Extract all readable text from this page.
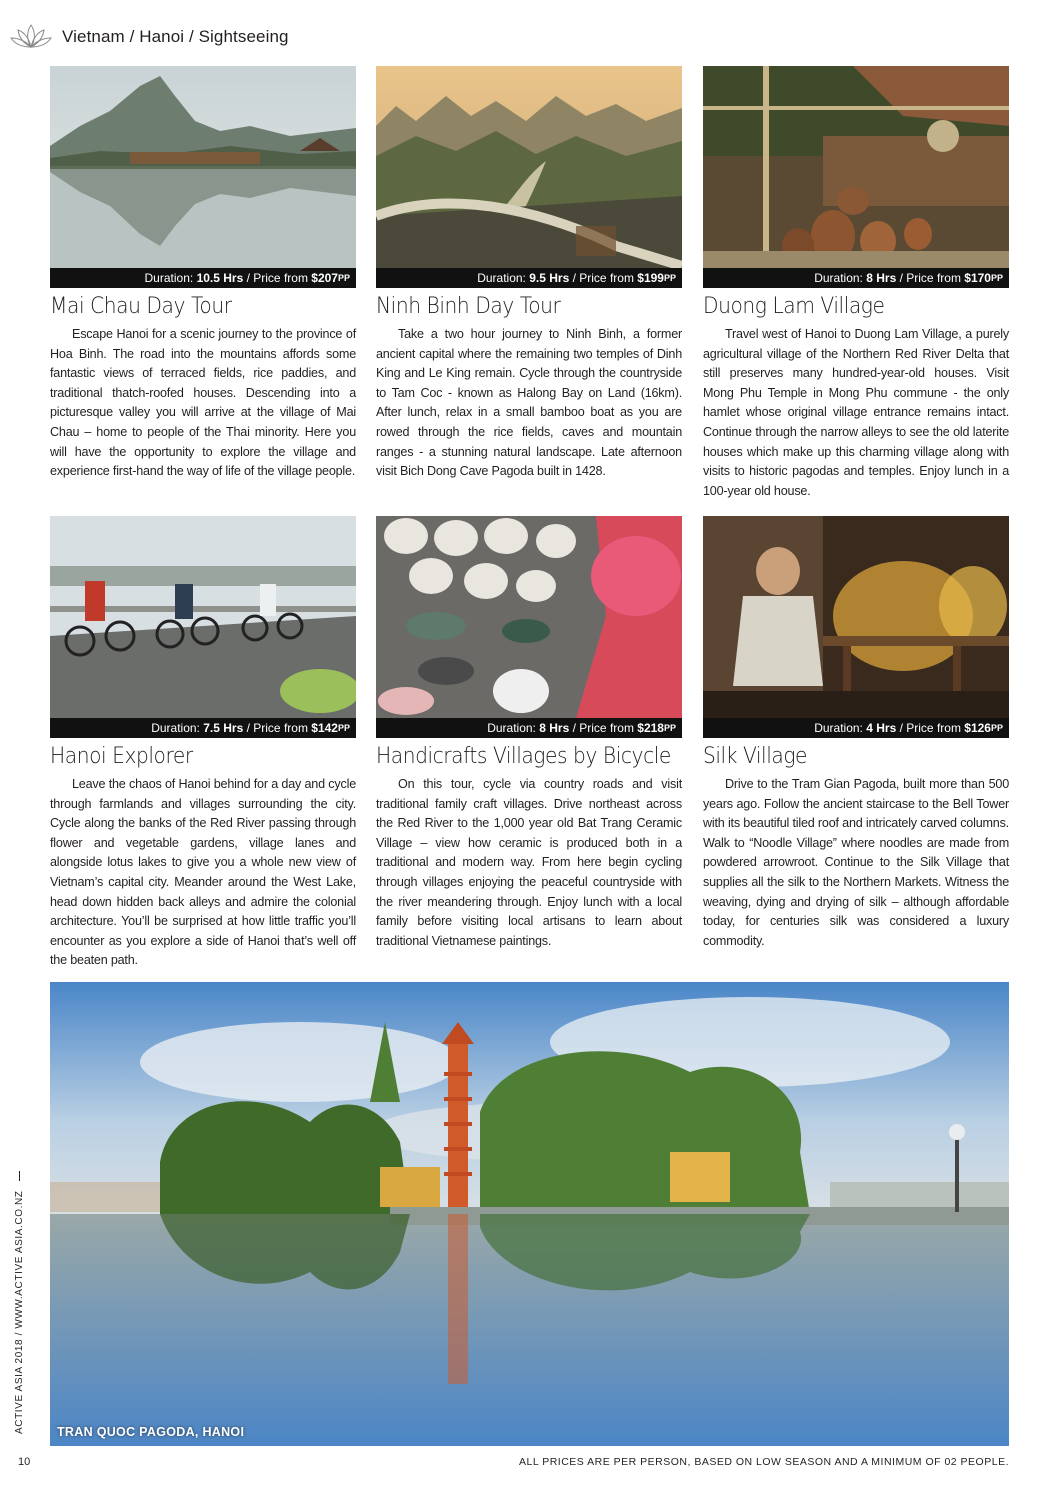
Vietnam / Hanoi / Sightseeing
Duration:
10.5 Hrs / Price from $207 PP
Mai Chau Day Tour

Escape Hanoi for a scenic journey to the province of Hoa Binh. The road into the mountains affords some fantastic views of terraced fields, rice paddies, and traditional thatch-roofed houses. Descending into a picturesque valley you will arrive at the village of Mai Chau – home to people of the Thai minority. Here you will have the opportunity to explore the village and experience first-hand the way of life of the village people.

Duration:
9.5 Hrs / Price from $199 PP
Ninh Binh Day Tour

Take a two hour journey to Ninh Binh, a former ancient capital where the remaining two temples of Dinh King and Le King remain. Cycle through the countryside to Tam Coc - known as Halong Bay on Land (16km). After lunch, relax in a small bamboo boat as you are rowed through the rice fields, caves and mountain ranges - a stunning natural landscape. Late afternoon visit Bich Dong Cave Pagoda built in 1428.

Duration:
8 Hrs / Price from $170 PP
Duong Lam Village

Travel west of Hanoi to Duong Lam Village, a purely agricultural village of the Northern Red River Delta that still preserves many hundred-year-old houses. Visit Mong Phu Temple in Mong Phu commune - the only hamlet whose original village entrance remains intact. Continue through the narrow alleys to see the old laterite houses which make up this charming village along with visits to historic pagodas and temples. Enjoy lunch in a 100-year old house.

Duration:
7.5 Hrs / Price from $142 PP
Hanoi Explorer

Leave the chaos of Hanoi behind for a day and cycle through farmlands and villages surrounding the city. Cycle along the banks of the Red River passing through flower and vegetable gardens, village lanes and alongside lotus lakes to give you a whole new view of Vietnam’s capital city. Meander around the West Lake, head down hidden back alleys and admire the colonial architecture. You’ll be surprised at how little traffic you’ll encounter as you explore a side of Hanoi that’s well off the beaten path.

Duration:
8 Hrs / Price from $218 PP
Handicrafts Villages by Bicycle

On this tour, cycle via country roads and visit traditional family craft villages. Drive northeast across the Red River to the 1,000 year old Bat Trang Ceramic Village – view how ceramic is produced both in a traditional and modern way. From here begin cycling through villages enjoying the peaceful countryside with the river meandering through. Enjoy lunch with a local family before visiting local artisans to learn about traditional Vietnamese paintings.

Duration:
4 Hrs / Price from $126 PP
Silk Village

Drive to the Tram Gian Pagoda, built more than 500 years ago. Follow the ancient staircase to the Bell Tower with its beautiful tiled roof and intricately carved columns. Walk to “Noodle Village” where noodles are made from powdered arrowroot. Continue to the Silk Village that supplies all the silk to the Northern Markets. Witness the weaving, dying and drying of silk – although affordable today, for centuries silk was considered a luxury commodity.

TRAN QUOC PAGODA, HANOI
ACTIVE ASIA 2018 / WWW.ACTIVE ASIA.CO.NZ
10	ALL PRICES ARE PER PERSON, BASED ON LOW SEASON AND A MINIMUM OF 02 PEOPLE.
